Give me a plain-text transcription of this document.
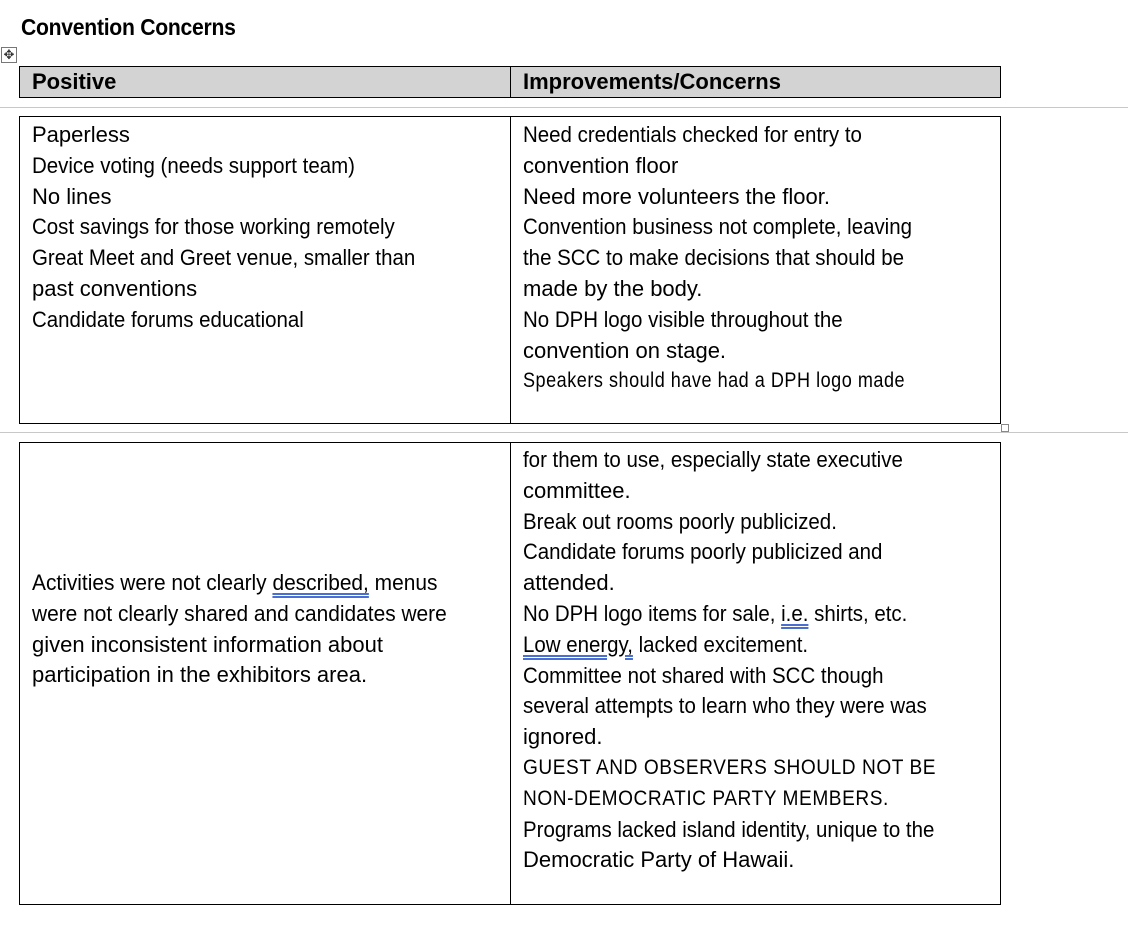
Convention Concerns
✥
Positive	Improvements/Concerns
Paperless
Device voting (needs support team)
No lines
Cost savings for those working remotely
Great Meet and Greet venue, smaller than
past conventions
Candidate forums educational
Need credentials checked for entry to
convention floor
Need more volunteers the floor.
Convention business not complete, leaving
the SCC to make decisions that should be
made by the body.
No DPH logo visible throughout the
convention on stage.
Speakers should have had a DPH logo made
Activities were not clearly described, menus
were not clearly shared and candidates were
given inconsistent information about
participation in the exhibitors area.
for them to use, especially state executive
committee.
Break out rooms poorly publicized.
Candidate forums poorly publicized and
attended.
No DPH logo items for sale, i.e. shirts, etc.
Low energy, lacked excitement.
Committee not shared with SCC though
several attempts to learn who they were was
ignored.
GUEST AND OBSERVERS SHOULD NOT BE
NON-DEMOCRATIC PARTY MEMBERS.
Programs lacked island identity, unique to the
Democratic Party of Hawaii.
